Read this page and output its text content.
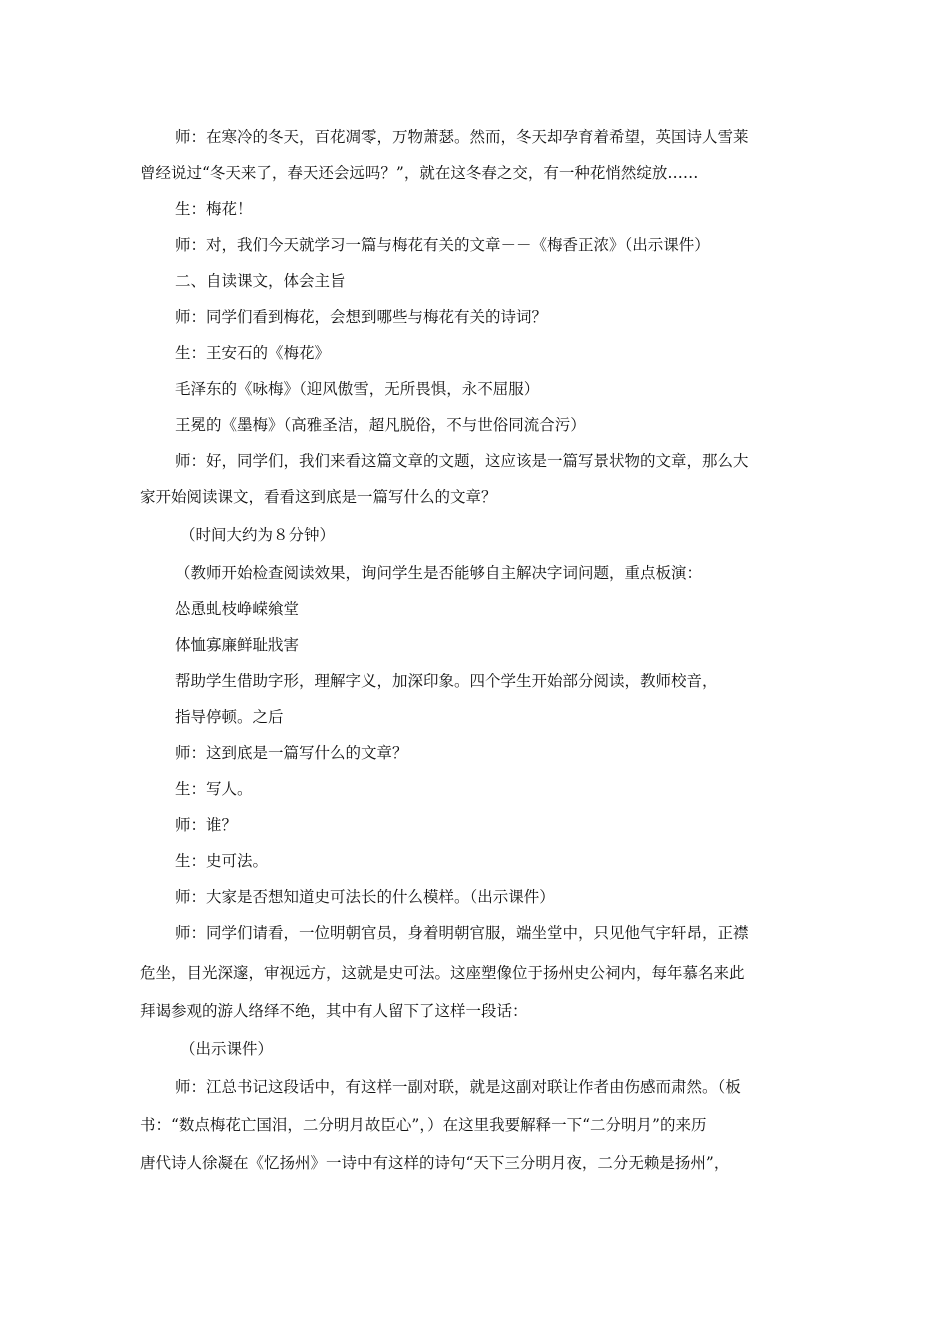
师：在寒冷的冬天，百花凋零，万物萧瑟。然而，冬天却孕育着希望，英国诗人雪莱
曾经说过“冬天来了，春天还会远吗？”，就在这冬春之交，有一种花悄然绽放……
生：梅花！
师：对，我们今天就学习一篇与梅花有关的文章－－《梅香正浓》（出示课件）
二、自读课文，体会主旨
师：同学们看到梅花，会想到哪些与梅花有关的诗词？
生：王安石的《梅花》
毛泽东的《咏梅》（迎风傲雪，无所畏惧，永不屈服）
王冕的《墨梅》（高雅圣洁，超凡脱俗，不与世俗同流合污）
师：好，同学们，我们来看这篇文章的文题，这应该是一篇写景状物的文章，那么大
家开始阅读课文，看看这到底是一篇写什么的文章？
（时间大约为８分钟）
（教师开始检查阅读效果，询问学生是否能够自主解决字词问题，重点板演：
怂恿虬枝峥嵘飨堂
体恤寡廉鲜耻戕害
帮助学生借助字形，理解字义，加深印象。四个学生开始部分阅读，教师校音，
指导停顿。之后
师：这到底是一篇写什么的文章？
生：写人。
师：谁？
生：史可法。
师：大家是否想知道史可法长的什么模样。（出示课件）
师：同学们请看，一位明朝官员，身着明朝官服，端坐堂中，只见他气宇轩昂，正襟
危坐，目光深邃，审视远方，这就是史可法。这座塑像位于扬州史公祠内，每年慕名来此
拜谒参观的游人络绎不绝，其中有人留下了这样一段话：
（出示课件）
师：江总书记这段话中，有这样一副对联，就是这副对联让作者由伤感而肃然。（板
书：“数点梅花亡国泪，二分明月故臣心”，）在这里我要解释一下“二分明月”的来历
唐代诗人徐凝在《忆扬州》一诗中有这样的诗句“天下三分明月夜，二分无赖是扬州”，
